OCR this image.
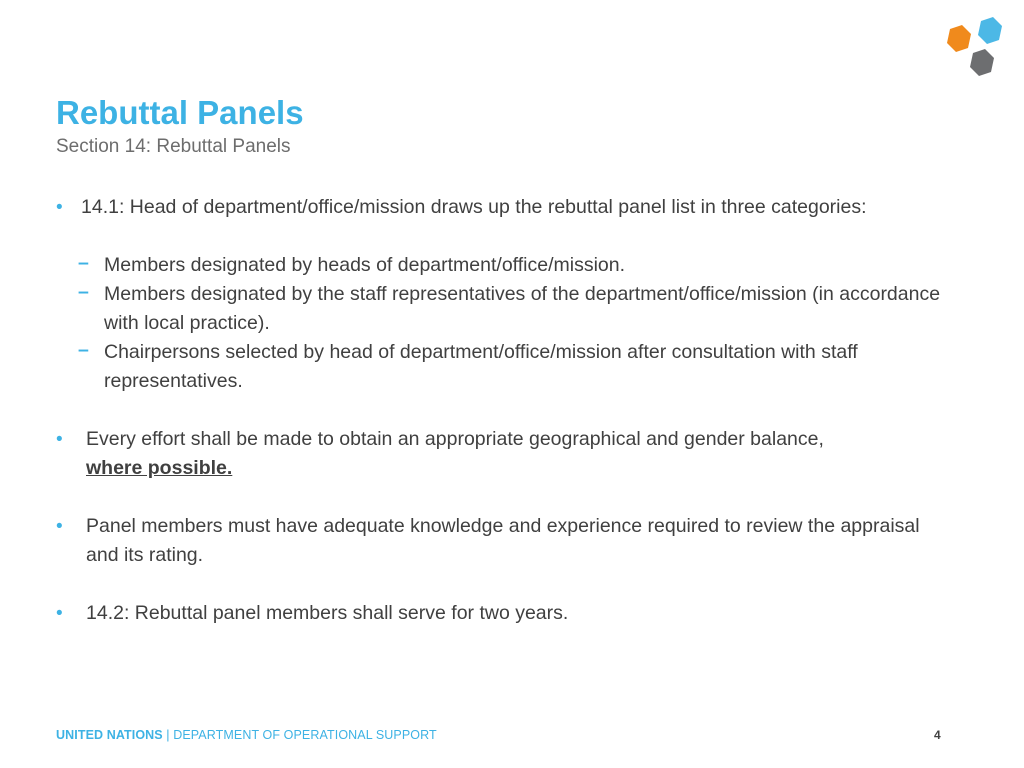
Rebuttal Panels
Section 14: Rebuttal Panels
• 14.1: Head of department/office/mission draws up the rebuttal panel list in three categories:
– Members designated by heads of department/office/mission.
– Members designated by the staff representatives of the department/office/mission (in accordance with local practice).
– Chairpersons selected by head of department/office/mission after consultation with staff representatives.
• Every effort shall be made to obtain an appropriate geographical and gender balance,
where possible.
• Panel members must have adequate knowledge and experience required to review the appraisal and its rating.
• 14.2: Rebuttal panel members shall serve for two years.
UNITED NATIONS | DEPARTMENT OF OPERATIONAL SUPPORT	4
